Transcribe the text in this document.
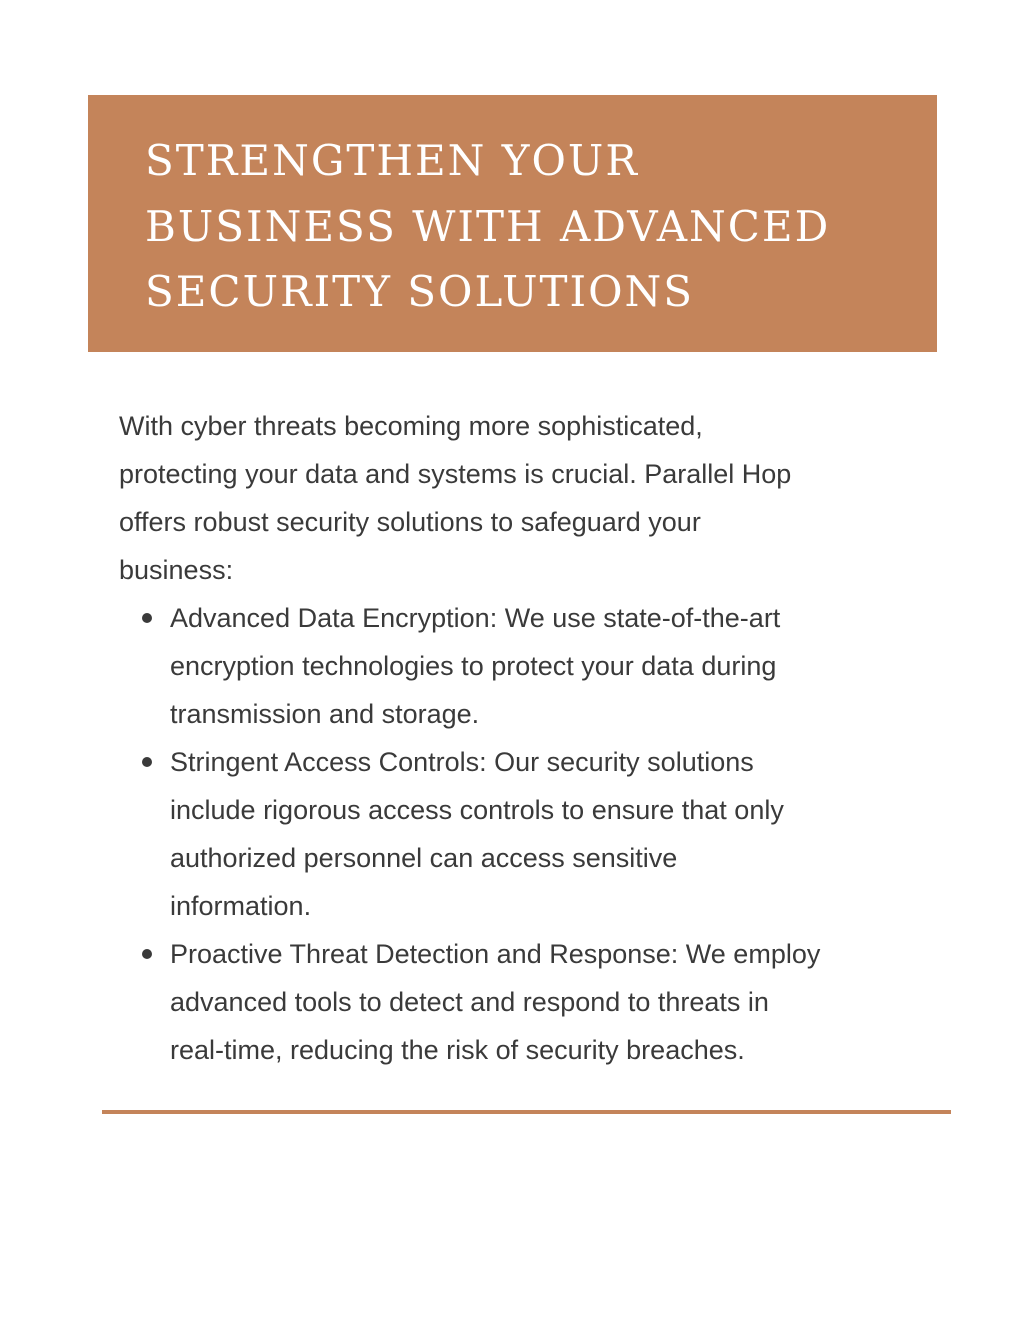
STRENGTHEN YOUR
BUSINESS WITH ADVANCED
SECURITY SOLUTIONS
With cyber threats becoming more sophisticated,
protecting your data and systems is crucial. Parallel Hop
offers robust security solutions to safeguard your
business:
Advanced Data Encryption: We use state-of-the-art
encryption technologies to protect your data during
transmission and storage.
Stringent Access Controls: Our security solutions
include rigorous access controls to ensure that only
authorized personnel can access sensitive
information.
Proactive Threat Detection and Response: We employ
advanced tools to detect and respond to threats in
real-time, reducing the risk of security breaches.
